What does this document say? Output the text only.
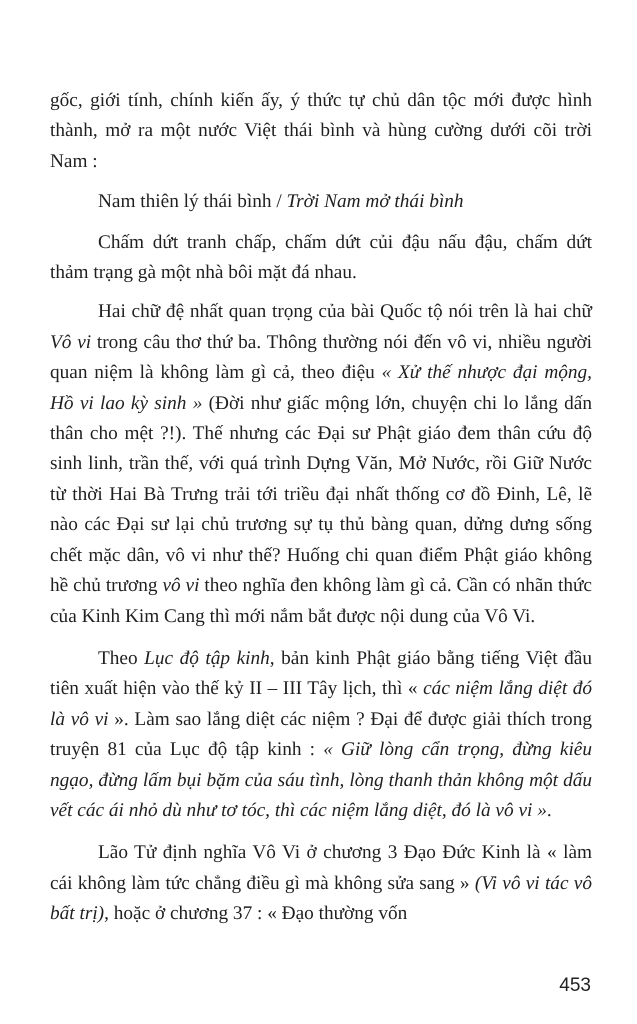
gốc, giới tính, chính kiến ấy, ý thức tự chủ dân tộc mới được hình thành, mở ra một nước Việt thái bình và hùng cường dưới cõi trời Nam :

Nam thiên lý thái bình / Trời Nam mở thái bình

Chấm dứt tranh chấp, chấm dứt củi đậu nấu đậu, chấm dứt thảm trạng gà một nhà bôi mặt đá nhau.

Hai chữ đệ nhất quan trọng của bài Quốc tộ nói trên là hai chữ Vô vi trong câu thơ thứ ba. Thông thường nói đến vô vi, nhiều người quan niệm là không làm gì cả, theo điệu « Xử thế nhược đại mộng, Hồ vi lao kỳ sinh » (Đời như giấc mộng lớn, chuyện chi lo lắng dấn thân cho mệt ?!). Thế nhưng các Đại sư Phật giáo đem thân cứu độ sinh linh, trần thế, với quá trình Dựng Văn, Mở Nước, rồi Giữ Nước từ thời Hai Bà Trưng trải tới triều đại nhất thống cơ đồ Đinh, Lê, lẽ nào các Đại sư lại chủ trương sự tụ thủ bàng quan, dửng dưng sống chết mặc dân, vô vi như thế? Huống chi quan điểm Phật giáo không hề chủ trương vô vi theo nghĩa đen không làm gì cả. Cần có nhãn thức của Kinh Kim Cang thì mới nắm bắt được nội dung của Vô Vi.

Theo Lục độ tập kinh, bản kinh Phật giáo bằng tiếng Việt đầu tiên xuất hiện vào thế kỷ II – III Tây lịch, thì « các niệm lắng diệt đó là vô vi ». Làm sao lắng diệt các niệm ? Đại để được giải thích trong truyện 81 của Lục độ tập kinh : « Giữ lòng cẩn trọng, đừng kiêu ngạo, đừng lấm bụi bặm của sáu tình, lòng thanh thản không một dấu vết các ái nhỏ dù như tơ tóc, thì các niệm lắng diệt, đó là vô vi ».

Lão Tử định nghĩa Vô Vi ở chương 3 Đạo Đức Kinh là « làm cái không làm tức chẳng điều gì mà không sửa sang » (Vi vô vi tác vô bất trị), hoặc ở chương 37 : « Đạo thường vốn

453
